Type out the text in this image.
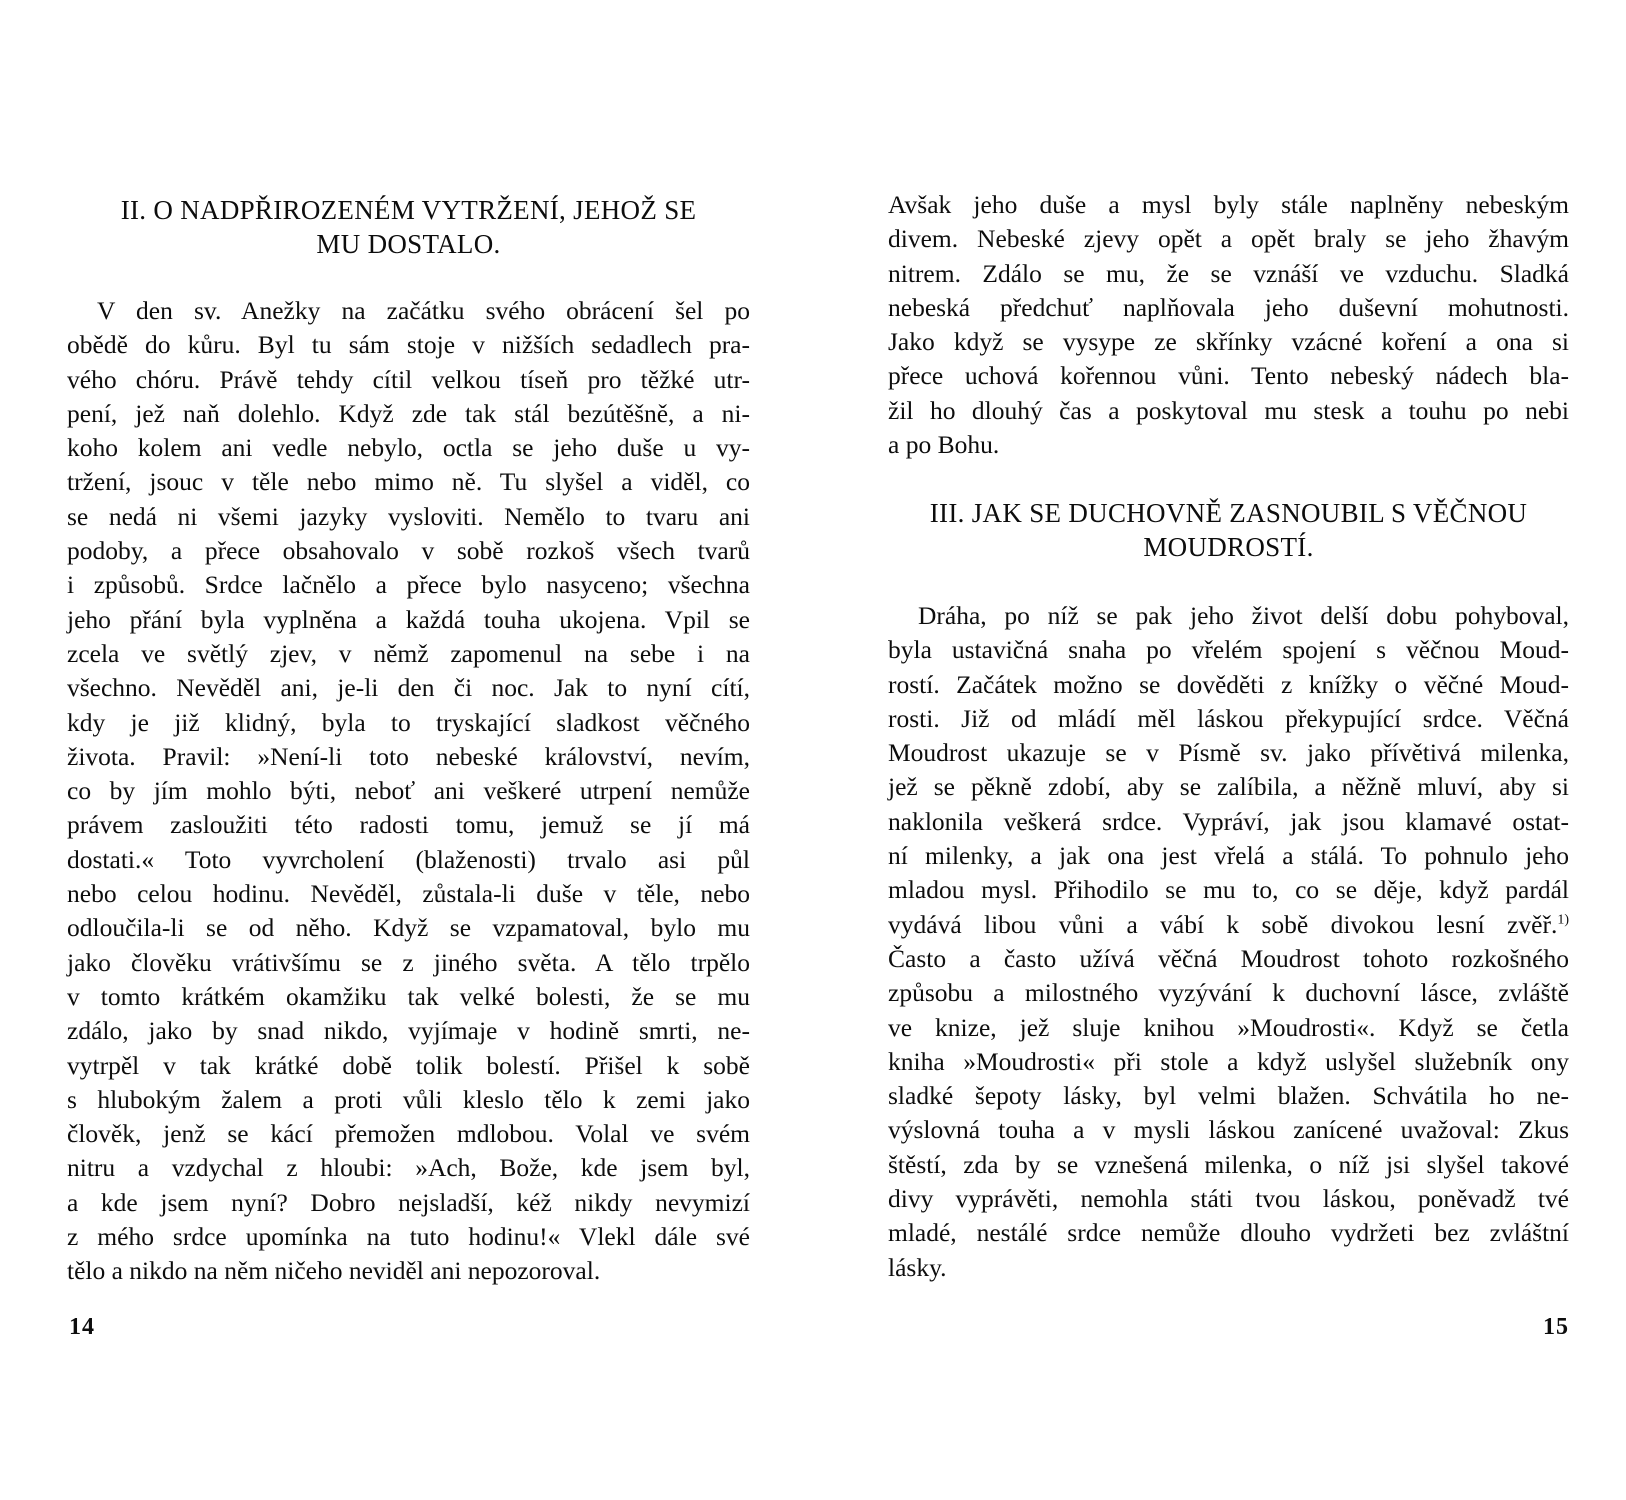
II. O NADPŘIROZENÉM VYTRŽENÍ, JEHOŽ SE
MU DOSTALO.
V den sv. Anežky na začátku svého obrácení šel po
obědě do kůru. Byl tu sám stoje v nižších sedadlech pra-
vého chóru. Právě tehdy cítil velkou tíseň pro těžké utr-
pení, jež naň dolehlo. Když zde tak stál bezútěšně, a ni-
koho kolem ani vedle nebylo, octla se jeho duše u vy-
tržení, jsouc v těle nebo mimo ně. Tu slyšel a viděl, co
se nedá ni všemi jazyky vysloviti. Nemělo to tvaru ani
podoby, a přece obsahovalo v sobě rozkoš všech tvarů
i způsobů. Srdce lačnělo a přece bylo nasyceno; všechna
jeho přání byla vyplněna a každá touha ukojena. Vpil se
zcela ve světlý zjev, v němž zapomenul na sebe i na
všechno. Nevěděl ani, je-li den či noc. Jak to nyní cítí,
kdy je již klidný, byla to tryskající sladkost věčného
života. Pravil: »Není-li toto nebeské království, nevím,
co by jím mohlo býti, neboť ani veškeré utrpení nemůže
právem zasloužiti této radosti tomu, jemuž se jí má
dostati.« Toto vyvrcholení (blaženosti) trvalo asi půl
nebo celou hodinu. Nevěděl, zůstala-li duše v těle, nebo
odloučila-li se od něho. Když se vzpamatoval, bylo mu
jako člověku vrátivšímu se z jiného světa. A tělo trpělo
v tomto krátkém okamžiku tak velké bolesti, že se mu
zdálo, jako by snad nikdo, vyjímaje v hodině smrti, ne-
vytrpěl v tak krátké době tolik bolestí. Přišel k sobě
s hlubokým žalem a proti vůli kleslo tělo k zemi jako
člověk, jenž se kácí přemožen mdlobou. Volal ve svém
nitru a vzdychal z hloubi: »Ach, Bože, kde jsem byl,
a kde jsem nyní? Dobro nejsladší, kéž nikdy nevymizí
z mého srdce upomínka na tuto hodinu!« Vlekl dále své
tělo a nikdo na něm ničeho neviděl ani nepozoroval.
14
Avšak jeho duše a mysl byly stále naplněny nebeským
divem. Nebeské zjevy opět a opět braly se jeho žhavým
nitrem. Zdálo se mu, že se vznáší ve vzduchu. Sladká
nebeská předchuť naplňovala jeho duševní mohutnosti.
Jako když se vysype ze skřínky vzácné koření a ona si
přece uchová kořennou vůni. Tento nebeský nádech bla-
žil ho dlouhý čas a poskytoval mu stesk a touhu po nebi
a po Bohu.
III. JAK SE DUCHOVNĚ ZASNOUBIL S VĚČNOU
MOUDROSTÍ.
Dráha, po níž se pak jeho život delší dobu pohyboval,
byla ustavičná snaha po vřelém spojení s věčnou Moud-
rostí. Začátek možno se dověděti z knížky o věčné Moud-
rosti. Již od mládí měl láskou překypující srdce. Věčná
Moudrost ukazuje se v Písmě sv. jako přívětivá milenka,
jež se pěkně zdobí, aby se zalíbila, a něžně mluví, aby si
naklonila veškerá srdce. Vypráví, jak jsou klamavé ostat-
ní milenky, a jak ona jest vřelá a stálá. To pohnulo jeho
mladou mysl. Přihodilo se mu to, co se děje, když pardál
vydává libou vůni a vábí k sobě divokou lesní zvěř.$^{1)}$
Často a často užívá věčná Moudrost tohoto rozkošného
způsobu a milostného vyzývání k duchovní lásce, zvláště
ve knize, jež sluje knihou »Moudrosti«. Když se četla
kniha »Moudrosti« při stole a když uslyšel služebník ony
sladké šepoty lásky, byl velmi blažen. Schvátila ho ne-
výslovná touha a v mysli láskou zanícené uvažoval: Zkus
štěstí, zda by se vznešená milenka, o níž jsi slyšel takové
divy vyprávěti, nemohla státi tvou láskou, poněvadž tvé
mladé, nestálé srdce nemůže dlouho vydržeti bez zvláštní
lásky.
15
